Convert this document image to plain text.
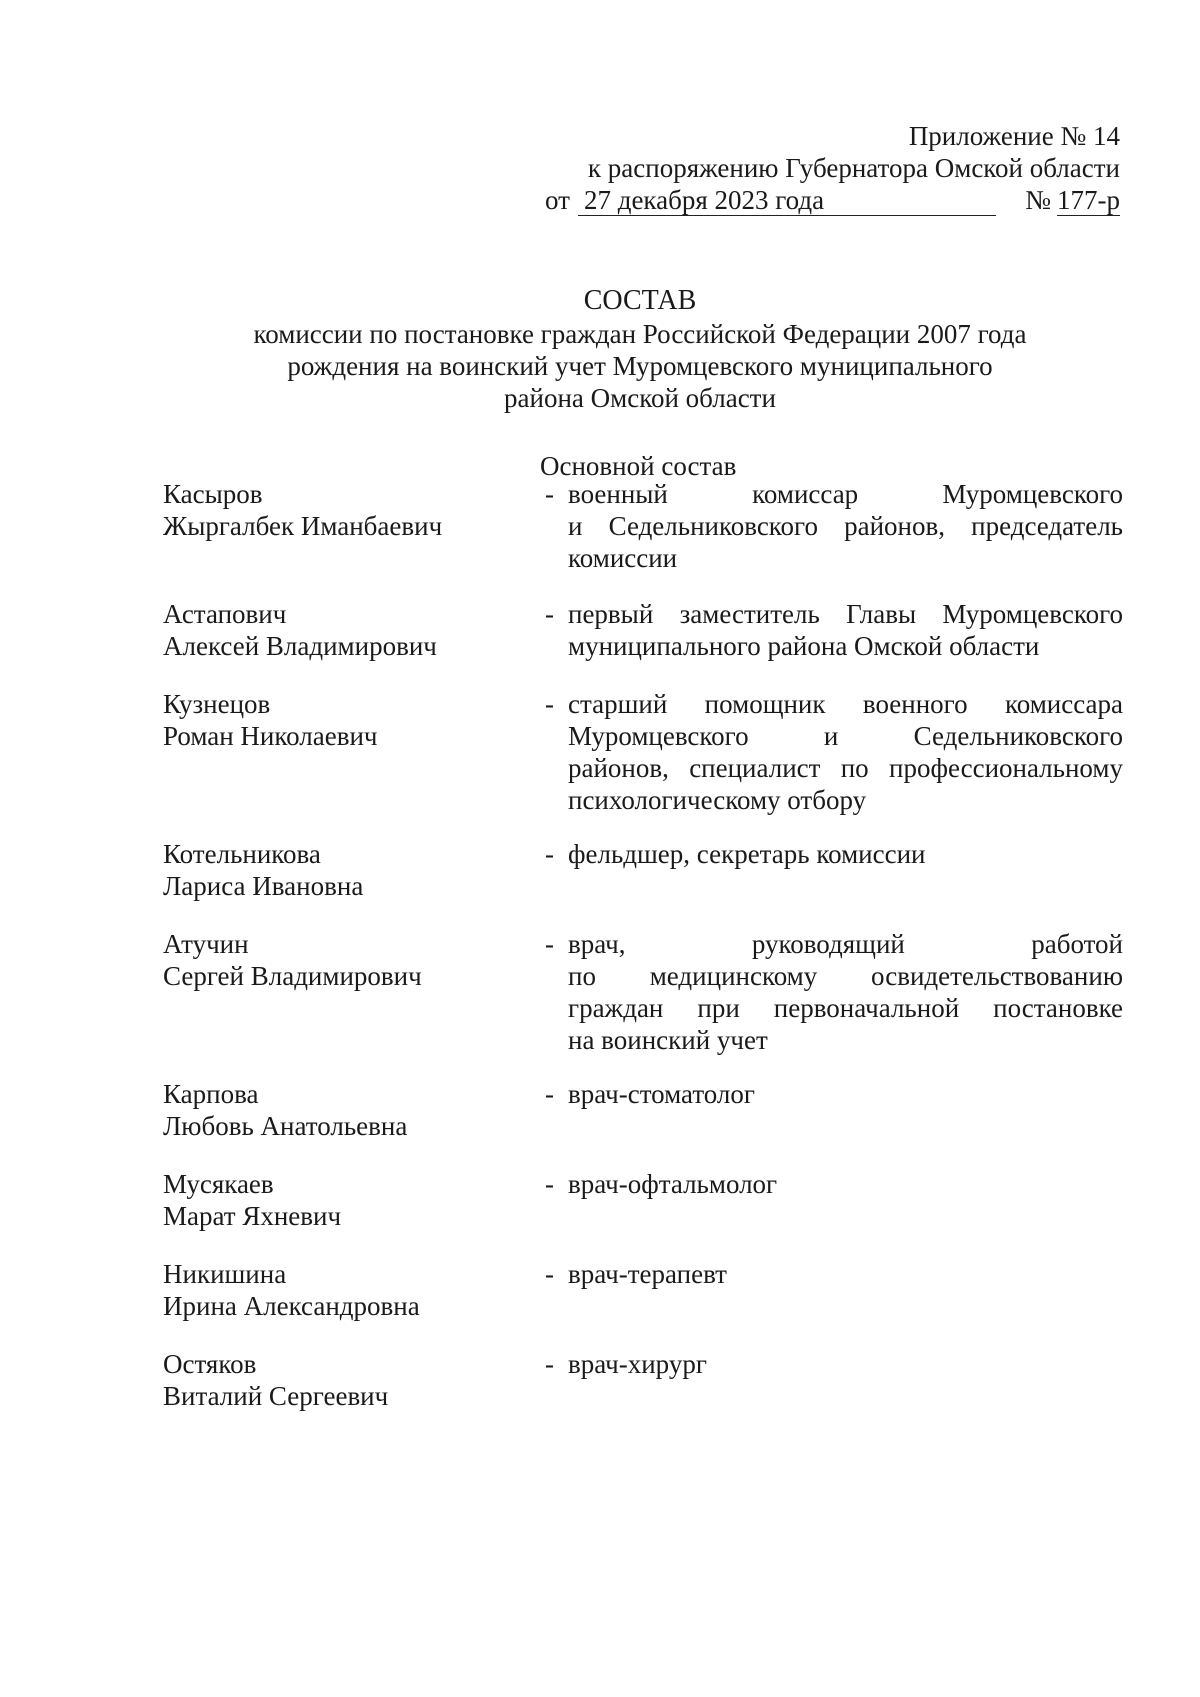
Приложение № 14
к распоряжению Губернатора Омской области
от 27 декабря 2023 года	№ 177-р
СОСТАВ
комиссии по постановке граждан Российской Федерации 2007 года
рождения на воинский учет Муромцевского муниципального
района Омской области
Основной состав
Касыров
Жыргалбек Иманбаевич
- военный комиссар Муромцевского
и Седельниковского районов, председатель
комиссии
Астапович
Алексей Владимирович
- первый заместитель Главы Муромцевского
муниципального района Омской области
Кузнецов
Роман Николаевич
- старший помощник военного комиссара
Муромцевского и Седельниковского
районов, специалист по профессиональному
психологическому отбору
Котельникова
Лариса Ивановна
- фельдшер, секретарь комиссии
Атучин
Сергей Владимирович
- врач, руководящий работой
по медицинскому освидетельствованию
граждан при первоначальной постановке
на воинский учет
Карпова
Любовь Анатольевна
- врач-стоматолог
Мусякаев
Марат Яхневич
- врач-офтальмолог
Никишина
Ирина Александровна
- врач-терапевт
Остяков
Виталий Сергеевич
- врач-хирург
